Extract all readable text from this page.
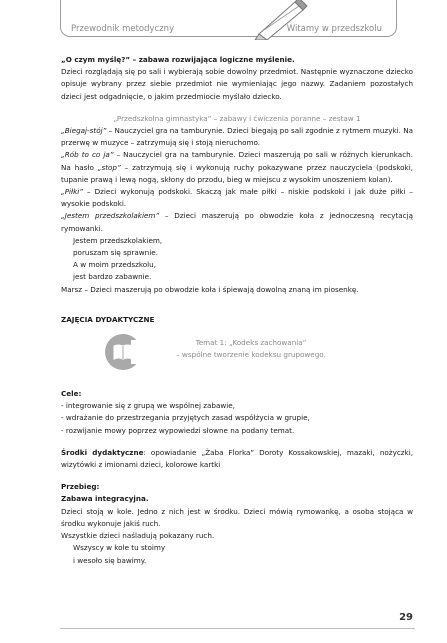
Przewodnik metodyczny	Witamy w przedszkolu

„O czym myślę?” – zabawa rozwijająca logiczne myślenie.

Dzieci rozglądają się po sali i wybierają sobie dowolny przedmiot. Następnie wyznaczone dziecko opisuje wybrany przez siebie przedmiot nie wymieniając jego nazwy. Zadaniem pozostałych dzieci jest odgadnięcie, o jakim przedmiocie myślało dziecko.

„Przedszkolna gimnastyka” – zabawy i ćwiczenia poranne – zestaw 1

„Biegaj-stój” – Nauczyciel gra na tamburynie. Dzieci biegają po sali zgodnie z rytmem muzyki. Na przerwę w muzyce – zatrzymują się i stoją nieruchomo.

„Rób to co ja” – Nauczyciel gra na tamburynie. Dzieci maszerują po sali w różnych kierunkach. Na hasło „stop” – zatrzymują się i wykonują ruchy pokazywane przez nauczyciela (podskoki, tupanie prawą i lewą nogą, skłony do przodu, bieg w miejscu z wysokim unoszeniem kolan).

„Piłki” – Dzieci wykonują podskoki. Skaczą jak małe piłki – niskie podskoki i jak duże piłki – wysokie podskoki.

„Jestem przedszkolakiem” – Dzieci maszerują po obwodzie koła z jednoczesną recytacją rymowanki.

Jestem przedszkolakiem,

poruszam się sprawnie.

A w moim przedszkolu,

jest bardzo zabawnie.

Marsz – Dzieci maszerują po obwodzie koła i śpiewają dowolną znaną im piosenkę.

ZAJĘCIA DYDAKTYCZNE

Temat 1: „Kodeks zachowania”
– wspólne tworzenie kodeksu grupowego.

Cele:

- integrowanie się z grupą we wspólnej zabawie,

- wdrażanie do przestrzegania przyjętych zasad współżycia w grupie,

- rozwijanie mowy poprzez wypowiedzi słowne na podany temat.

Środki dydaktyczne: opowiadanie „Żaba Florka” Doroty Kossakowskiej, mazaki, nożyczki, wizytówki z imionami dzieci, kolorowe kartki

Przebieg:

Zabawa integracyjna.

Dzieci stoją w kole. Jedno z nich jest w środku. Dzieci mówią rymowankę, a osoba stojąca w środku wykonuje jakiś ruch.

Wszystkie dzieci naśladują pokazany ruch.

Wszyscy w kole tu stoimy

i wesoło się bawimy.

29
